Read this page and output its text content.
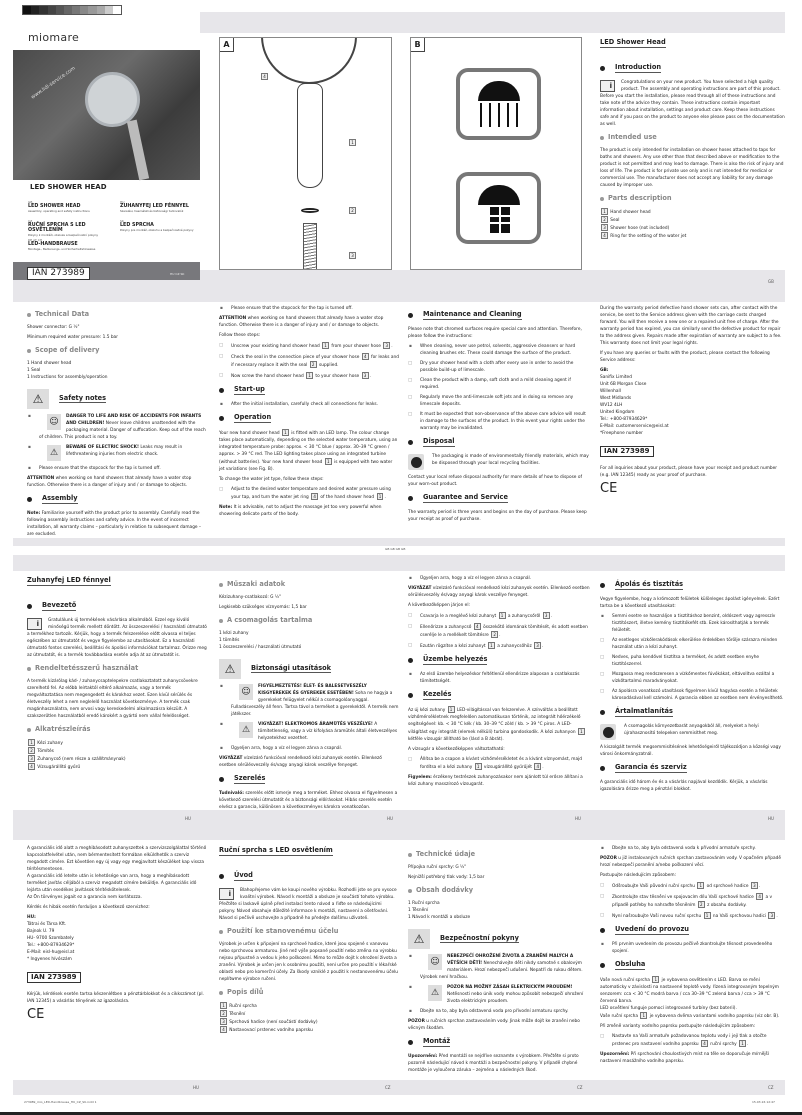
miomare
www.lidl-service.com
LED SHOWER HEAD
GB
LED SHOWER HEAD
Assembly, operating and safety instructions
HU
ZUHANYFEJ LED FÉNNYEL
Szerelési, használati és biztonsági tudnivalók
CZ
RUČNÍ SPRCHA S LED OSVĚTLENÍM
Pokyny k montáži, obsluze a bezpečnostní pokyny
SK
LED SPRCHA
Pokyny pre montáž, obsluhu a bezpečnostné pokyny
DE AT CH
LED-HANDBRAUSE
Montage-, Bedienungs- und Sicherheitshinweise
IAN 273989	HU CZ SK
A
4
1
2
3
B
GB
GB GB GB GB
HU	HU	HU	HU
HU	CZ	CZ	CZ
273989_mio_LED-Handbrause_HU_CZ_SK.indd 1	15.03.16 12:47
LED Shower Head
Introduction

i	Congratulations on your new product. You have selected a high quality product. The assembly and operating instructions are part of this product. Before you start the installation, please read through all of these instructions and take note of the advice they contain. These instructions contain important information about installation, settings and product care. Keep these instructions safe and if you pass on the product to anyone else please pass on the documentation as well.

Intended use

The product is only intended for installation on shower hoses attached to taps for baths and showers. Any use other than that described above or modification to the product is not permitted and may lead to damage. There is also the risk of injury and loss of life. The product is for private use only and is not intended for medical or commercial use. The manufacturer does not accept any liability for any damage caused by improper use.

Parts description
1 Hand shower head
2 Seal
3 Shower hose (not included)
4 Ring for the setting of the water jet
Technical Data

Shower connector: G ½"

Minimum required water pressure: 1.5 bar

Scope of delivery

1 Hand shower head
1 Seal
1 Instructions for assembly/operation

⚠	Safety notes

▪ ☺
DANGER TO LIFE AND RISK OF ACCIDENTS FOR INFANTS AND CHILDREN! Never leave children unattended with the packaging material. Danger of suffocation. Keep out of the reach of children. This product is not a toy.

▪ ⚠
BEWARE OF ELECTRIC SHOCK! Leaks may result in lifethreatening injuries from electric shock.

▪ Please ensure that the stopcock for the tap is turned off.

ATTENTION when working on hand showers that already have a water stop function. Otherwise there is a danger of injury and / or damage to objects.

Assembly

Note: Familiarise yourself with the product prior to assembly. Carefully read the following assembly instructions and safety advice. In the event of incorrect installation, all warranty claims – particularly in relation to subsequent damage – are excluded.

▪ Please ensure that the stopcock for the tap is turned off.

ATTENTION when working on hand showers that already have a water stop function. Otherwise there is a danger of injury and / or damage to objects.

Follow these steps:

□ Unscrew your existing hand shower head 1 from your shower hose 3 .

□ Check the seal in the connection piece of your shower hose 4 for leaks and if necessary replace it with the seal 2 supplied.

□ Now screw the hand shower head 1 to your shower hose 3 .

Start-up

▪ After the initial installation, carefully check all connections for leaks.

Operation

Your new hand shower head 1 is fitted with an LED lamp. The colour change takes place automatically, depending on the selected water temperature, using an integrated temperature probe: approx. < 30 °C blue / approx. 30–39 °C green / approx. > 39 °C red. The LED lighting takes place using an integrated turbine (without batteries). Your new hand shower head 1 is equipped with two water jet variations (see Fig. B).

To change the water jet type, follow these steps:

□ Adjust to the desired water temperature and desired water pressure using your tap, and turn the water jet ring 4 of the hand shower head 1 .

Note: It is advisable, not to adjust the massage jet too very powerful when showering delicate parts of the body.

Maintenance and Cleaning

Please note that chromed surfaces require special care and attention. Therefore, please follow the instructions:

▪ When cleaning, never use petrol, solvents, aggressive cleansers or hard cleaning brushes etc. These could damage the surface of the product.

□ Dry your shower head with a cloth after every use in order to avoid the possible build-up of limescale.

□ Clean the product with a damp, soft cloth and a mild cleaning agent if required.

□ Regularly move the anti-limescale soft jets and in doing so remove any limescale deposits.

□ It must be expected that non-observance of the above care advice will result in damage to the surfaces of the product. In this event your rights under the warranty may be invalidated.

Disposal

The packaging is made of environmentally friendly materials, which may be disposed through your local recycling facilities.

Contact your local refuse disposal authority for more details of how to dispose of your worn-out product.

Guarantee and Service

The warranty period is three years and begins on the day of purchase. Please keep your receipt as proof of purchase.

During the warranty period defective hand shower sets can, after contact with the service, be sent to the Service address given with the carriage costs charged forward. You will then receive a new one or a repaired unit free of charge. After the warranty period has expired, you can similarly send the defective product for repair to the address given. Repairs made after expiration of warranty are subject to a fee.
This warranty does not limit your legal rights.

If you have any queries or faults with the product, please contact the following Service address:

GB:
Sanifix Limited
Unit 6B Morgan Close
Willenhall
West Midlands
WV12 4LH
United Kingdom
Tel.: +800-87934629*
E-Mail: customerservice@eisl.at
*Freephone number

IAN 273989

For all inquiries about your product, please have your receipt and product number (e.g. IAN 12345) ready as your proof of purchase.

CE
Zuhanyfej LED fénnyel
Bevezető

i	Gratulálunk új termékének vásárlása alkalmából. Ezzel egy kiváló minőségű termék mellett döntött. Az összeszerelési / használati útmutató a termékhez tartozik. Kérjük, hogy a termék felszerelése előtt olvassa el teljes egészében az útmutatót és vegye figyelembe az utasításokat. Ez a használati útmutató fontos szerelési, beállítási és ápolási információkat tartalmaz. Őrizze meg az útmutatót, és a termék továbbadása esetén adja át az útmutatót is.

Rendeltetésszerű használat

A termék kizárólag kád- / zuhanycsaptelepekre csatlakoztatott zuhanycsövekre szerelhető fel. Az előbb leírtaktól eltérő alkalmazás, vagy a termék megváltoztatása nem megengedett és károkhoz vezet. Ezen kívül sérülés és életveszély lehet a nem neglelelő használat következménye. A termék csak magánhasználatra, nem orvosi vagy kereskedelmi alkalmazásra készült. A szakszerűtlen használatból eredő károkért a gyártó nem vállal felelősséget.

Alkatrészleírás
1 Kézi zuhany
2 Tömítés
3 Zuhanycső (nem része a szállítmánynak)
4 Vízsugárállító gyűrű
Műszaki adatok

Kézizuhany-csatlakozó: G ½"

Legkisebb szükséges víznyomás: 1,5 bar

A csomagolás tartalma

1 kézi zuhany
1 tömítés
1 összeszerelési / használati útmutató

⚠	Biztonsági utasítások

▪ ☺
FIGYELMEZTETÉS! ÉLET- ÉS BALESETVESZÉLY KISGYEREKEK ÉS GYEREKEK ESETÉBEN! Soha ne hagyja a gyerekeket felügyelet nélkül a csomagolóanyaggal. Fulladásveszély áll fenn. Tartsa távol a terméket a gyerekektől. A termék nem játékszer.

▪ ⚠
VIGYÁZAT! ELEKTROMOS ÁRAMÜTÉS VESZÉLYE! A tömítetlenség, vagy a víz kifolyása áramütés általi életveszélyes helyzetekhez vezethet.

▪ Ügyeljen arra, hogy a víz el legyen zárva a csapnál.

VIGYÁZAT vízelzáró funkcióval rendelkező kézi zuhanyok esetén. Ellenkező esetben sérülésveszély és/vagy anyagi károk veszélye fenyeget.

Szerelés

Tudnivaló: szerelés előtt ismerje meg a terméket. Ehhez olvassa el figyelmesen a következő szerelési útmutatót és a biztonsági előírásokat. Hibás szerelés esetén elvész a garancia, különösen a következményes károkra vonatkozóan.

▪ Ügyeljen arra, hogy a víz el legyen zárva a csapnál.

VIGYÁZAT vízelzáró funkcióval rendelkező kézi zuhanyok esetén. Ellenkező esetben sérülésveszély és/vagy anyagi károk veszélye fenyeget.

A következőképpen járjon el:

□ Csavarja le a meglévő kézi zuhanyt 1 a zuhanycsőről 3 .

□ Ellenőrizze a zuhanycső 4 összekötő idomának tömítését, és adott esetben cserélje le a mellékelt tömítésre 2 .

□ Ezután rögzítse a kézi zuhanyt 1 a zuhanycsőhöz 3 .

Üzembe helyezés

▪ Az első üzembe helyezéskor feltétlenül ellenőrizze alaposan a csatlakozás tömítettségét.

Kezelés

Az új kézi zuhany 1 LED-világítással van felszerelve. A színváltás a beállított vízhőmérsékletnek megfelelően automatikusan történik, az integrált hőérzékelő segítségével: kb. < 30 °C kék / kb. 30–39 °C zöld / kb. > 39 °C piros. A LED-világítást egy integrált (elemek nélküli) turbina gondoskodik. A kézi zuhanyon 1 kétféle vízsugár állítható be (lásd a B ábrát).

A vízsugár a következőképpen változtatható:

□ Állítsa be a csapon a kívánt vízhőmérsékletet és a kívánt víznyomást, majd fordítsa el a kézi zuhany 1 vízsugárállító gyűrűjét 4 .

Figyelem: érzékeny testrészek zuhanyozásakor nem ajánlott túl erősre állítani a kézi zuhany masszírozó vízsugarát.

Ápolás és tisztítás

Vegye figyelembe, hogy a krómozott felületek különleges ápolást igényelnek. Ezért tartsa be a következő utasításokat:

▪ Semmi esetre se használjon a tisztításhoz benzint, oldószert vagy agresszív tisztítószert, illetve kemény tisztítókefét stb. Ezek károsíthatják a termék felületét.

□ Az esetleges vízkőlerakódások elkerülése érdekében törölje szárazra minden használat után a kézi zuhanyt.

□ Nedves, puha kendővel tisztítsa a terméket, és adott esetben enyhe tisztítószerrel.

□ Mozgassa meg rendszeresen a vízkőmentes fúvókákat, eltávolítva ezáltal a vízkőtartalmú maradványokat.

□ Az ápolásra vonatkozó utasítások figyelmen kívül hagyása esetén a felületek károsodásával kell számolni. A garancia ebben az esetben nem érvényesíthető.

Ártalmatlanítás

A csomagolás környezetbarát anyagokból áll, melyeket a helyi újrahasznosító telepeken semmisíthet meg.

A kiszolgált termék megsemmisítésének lehetőségeiről tájékozódjon a községi vagy városi önkormányzatnál.

Garancia és szerviz

A garanciális idő három év és a vásárlás napjával kezdődik. Kérjük, a vásárlás igazolására őrizze meg a pénztári blokkot.

A garanciális idő alatt a meghibásodott zuhanyszettek a szervizszolgálattal történő kapcsolatfelvétel után, nem bérmentesített formában elküldhetők a szerviz megadott címére. Ezt követően egy új vagy egy megjavított készüléket kap vissza térítésmentesen.
A garanciális idő letelte után is lehetősége van arra, hogy a meghibásodott terméket javítás céljából a szerviz megadott címére beküldje. A garanciális idő lejárta után esedékes javítások térítéskötelesek.
Az Ön törvényes jogait ez a garancia nem korlátozza.

Kérdés és hibák esetén forduljon a következő szervizhez:

HU:
Tátrai és Társa Kft.
Bajnok U. 79
HU- 9700 Szombately
Tel.: +800-87934629*
E-Mail: eisl-hu@eisl.at
* Ingyenes hívószám

IAN 273989

Kérjük, kérdések esetén tartsa készenlétben a pénztárblokkot és a cikkszámot (pl. IAN 12345) a vásárlás tényének az igazolására.

CE
Ruční sprcha s LED osvětlením
Úvod

i	Blahopřejeme vám ke koupi nového výrobku. Rozhodli jste se pro vysoce kvalitní výrobek. Návod k montáži a obsluze je součástí tohoto výrobku. Přečtěte si laskavě úplně před instalací tento návod a řiďte se následujícími pokyny. Návod obsahuje důležité informace k montáži, nastavení a ošetřování. Návod si pečlivě uschovejte a případně ho předejte dalšímu uživateli.

Použití ke stanovenému účelu

Výrobek je určen k připojení na sprchové hadice, které jsou spojené s vanovou nebo sprchovou armaturou. Jiné než výše popsané použití nebo změna na výrobku nejsou přípustné a vedou k jeho poškození. Mimo to může dojít k ohrožení života a zranění. Výrobek je určen jen k osobnímu použití, není určen pro použití v lékařské oblasti nebo pro komerční účely. Za škody vzniklé z použití k nestanovenému účelu neplítwme výrobce ručení.

Popis dílů
1 Ruční sprcha
2 Těsnění
3 Sprchová hadice (není součástí dodávky)
4 Nastavovací prstenec vodního paprsku
Technické údaje

Přípojka ruční sprchy: G ½"

Nejnižší potřebný tlak vody: 1,5 bar

Obsah dodávky

1 Ruční sprcha
1 Těsnění
1 Návod k montáži a obsluze

⚠	Bezpečnostní pokyny

▪ ☺
NEBEZPEČÍ OHROŽENÍ ŽIVOTA A ZRANĚNÍ MALÝCH A VĚTŠÍCH DĚTÍ! Nenechávejte děti nikdy samotné s obalovým materiálem. Hrozí nebezpečí udušení. Nepatří do rukou dětem. Výrobek není hračkou.

▪ ⚠
POZOR NA MOŽNÝ ZÁSAH ELEKTRICKÝM PROUDEM! Netěsnosti nebo únik vody mohou způsobit nebezpečí ohrožení života elektrickým proudem.

▪ Dbejte na to, aby byla odstavená voda pro přívodní armaturu sprchy.

POZOR u ručních sprchan zastavováním vody. Jinak může dojít ke zranění nebo věcným škodám.

Montáž

Upozornění: Před montáží se nejdříve seznamte s výrobkem. Přečtěte si proto pozorně následující návod k montáži a bezpečnostní pokyny. V případě chybné montáže je vyloučena záruka – zejména u následných škod.

▪ Dbejte na to, aby byla odstavená voda k přívodní armatuře sprchy.

POZOR u již instalovaných ručních sprchan zastavováním vody. V opačném případě hrozí nebezpečí poranění a/nebo poškození věcí.

Postupujte následujícím způsobem:

□ Odšroubujte Vaši původní ruční sprchu 1 od sprchové hadice 3 .

□ Zkontrolujte stav těsnění ve spojovacím dílu Vaší sprchové hadice 4 a v případě potřeby ho nahraďte těsněním 2 z obsahu dodávky.

□ Nyní našroubujte Vaši novou ruční sprchu 1 na Vaši sprchovou hadici 3 .

Uvedení do provozu

▪ Při prvním uvedením do provozu pečlivě zkontrolujte těsnost provedeného spojení.

Obsluha

Vaše nová ruční sprcha 1 je vybavena osvětlením s LED. Barva se mění automaticky v závislosti na nastavené teplotě vody. řízená integrovaným tepelným senzorem: cca < 30 °C modrá barva / cca 30–39 °C zelená barva / cca > 39 °C červená barva.
LED osvětlení funguje pomocí integrované turbíny (bez baterií).
Vaše ruční sprcha 1 je vybavena dvěma variantami vodního paprsku (viz obr. B).

Při změně varianty vodního paprsku postupujte následujícím způsobem:

□ Nastavte na Vaší armatuře požadovanou teplotu vody i její tlak a otočte prstenec pro nastavení vodního paprsku 4 ruční sprchy 1 .

Upozornění: Při sprchování choulostivých míst na těle se doporučuje mírnější nastavení masážního vodního paprsku.
